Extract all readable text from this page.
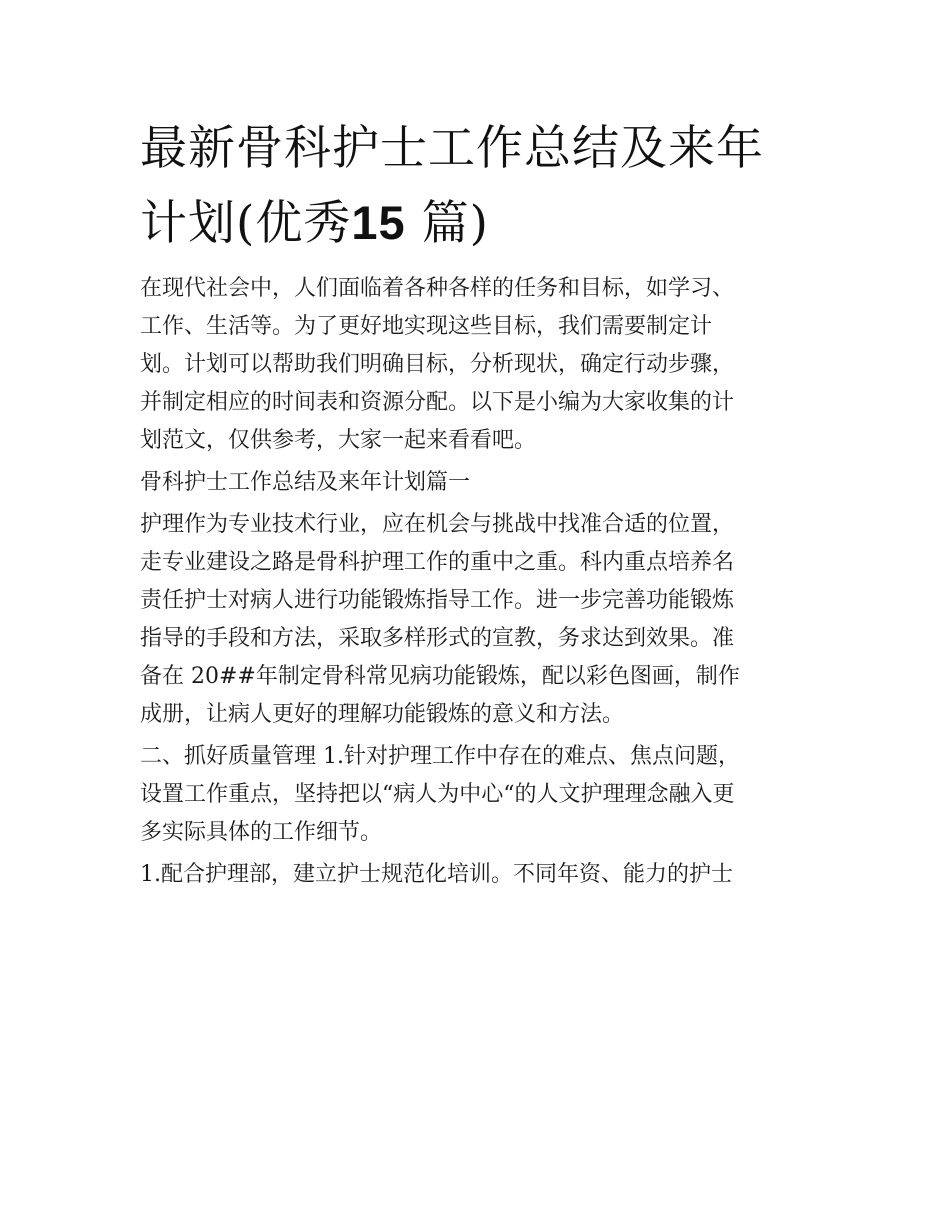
最新骨科护士工作总结及来年
计划(优秀15 篇)

在现代社会中，人们面临着各种各样的任务和目标，如学习、
工作、生活等。为了更好地实现这些目标，我们需要制定计
划。计划可以帮助我们明确目标，分析现状，确定行动步骤，
并制定相应的时间表和资源分配。以下是小编为大家收集的计
划范文，仅供参考，大家一起来看看吧。

骨科护士工作总结及来年计划篇一

护理作为专业技术行业，应在机会与挑战中找准合适的位置，
走专业建设之路是骨科护理工作的重中之重。科内重点培养名
责任护士对病人进行功能锻炼指导工作。进一步完善功能锻炼
指导的手段和方法，采取多样形式的宣教，务求达到效果。准
备在 20##年制定骨科常见病功能锻炼，配以彩色图画，制作
成册，让病人更好的理解功能锻炼的意义和方法。

二、抓好质量管理 1.针对护理工作中存在的难点、焦点问题，
设置工作重点，坚持把以“病人为中心“的人文护理理念融入更
多实际具体的工作细节。

1.配合护理部，建立护士规范化培训。不同年资、能力的护士
